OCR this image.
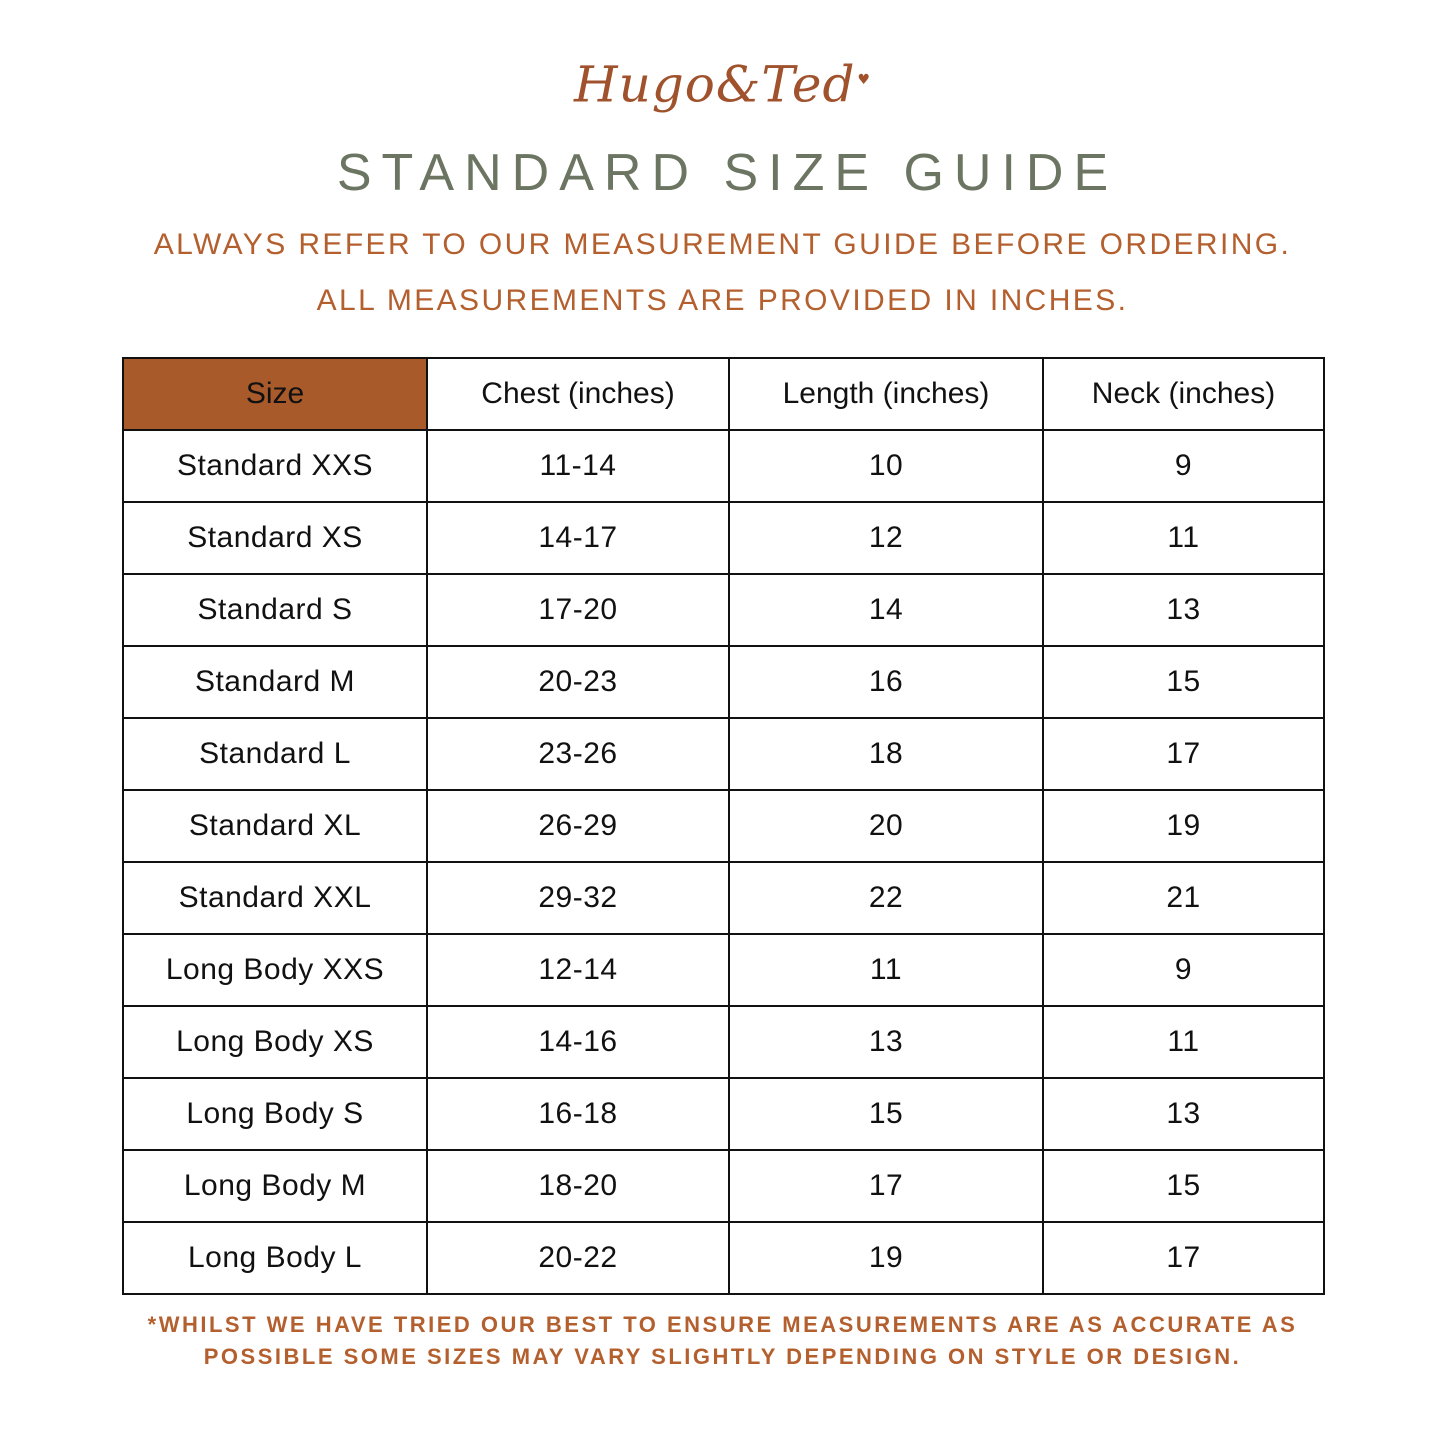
Hugo&Ted ♥
STANDARD SIZE GUIDE
ALWAYS REFER TO OUR MEASUREMENT GUIDE BEFORE ORDERING.
ALL MEASUREMENTS ARE PROVIDED IN INCHES.
Size	Chest (inches)	Length (inches)	Neck (inches)
Standard XXS	11-14	10	9
Standard XS	14-17	12	11
Standard S	17-20	14	13
Standard M	20-23	16	15
Standard L	23-26	18	17
Standard XL	26-29	20	19
Standard XXL	29-32	22	21
Long Body XXS	12-14	11	9
Long Body XS	14-16	13	11
Long Body S	16-18	15	13
Long Body M	18-20	17	15
Long Body L	20-22	19	17
*WHILST WE HAVE TRIED OUR BEST TO ENSURE MEASUREMENTS ARE AS ACCURATE AS
POSSIBLE SOME SIZES MAY VARY SLIGHTLY DEPENDING ON STYLE OR DESIGN.
